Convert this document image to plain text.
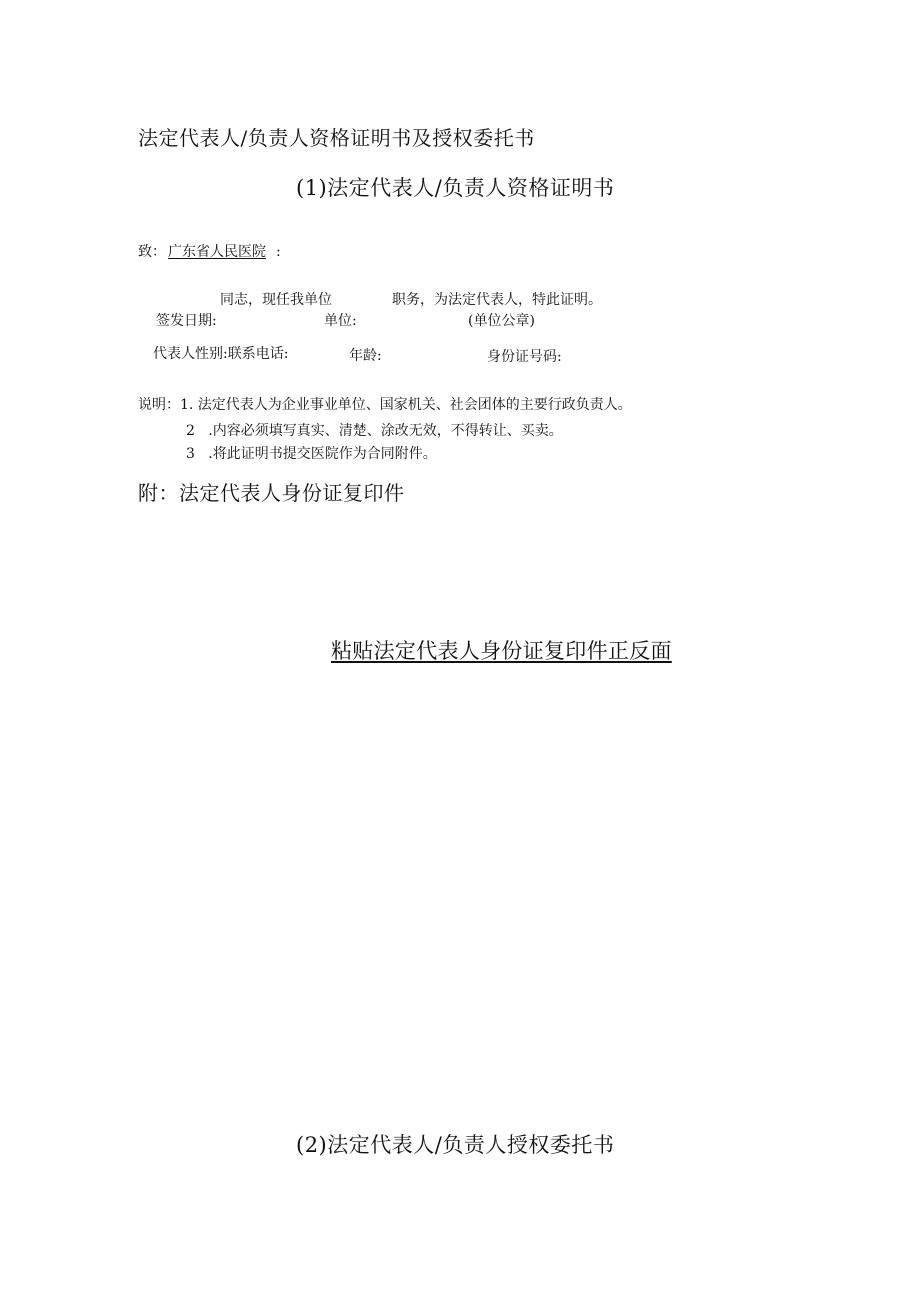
法定代表人/负责人资格证明书及授权委托书
(1)法定代表人/负责人资格证明书
致： 广东省人民医院 :
同志，现任我单位	职务，为法定代表人，特此证明。
签发日期:	单位:	(单位公章)
代表人性别:联系电话:	年龄:	身份证号码:
说明：1. 法定代表人为企业事业单位、国家机关、社会团体的主要行政负责人。
2   .内容必须填写真实、清楚、涂改无效，不得转让、买卖。
3   .将此证明书提交医院作为合同附件。
附：法定代表人身份证复印件
粘贴法定代表人身份证复印件正反面
(2)法定代表人/负责人授权委托书
